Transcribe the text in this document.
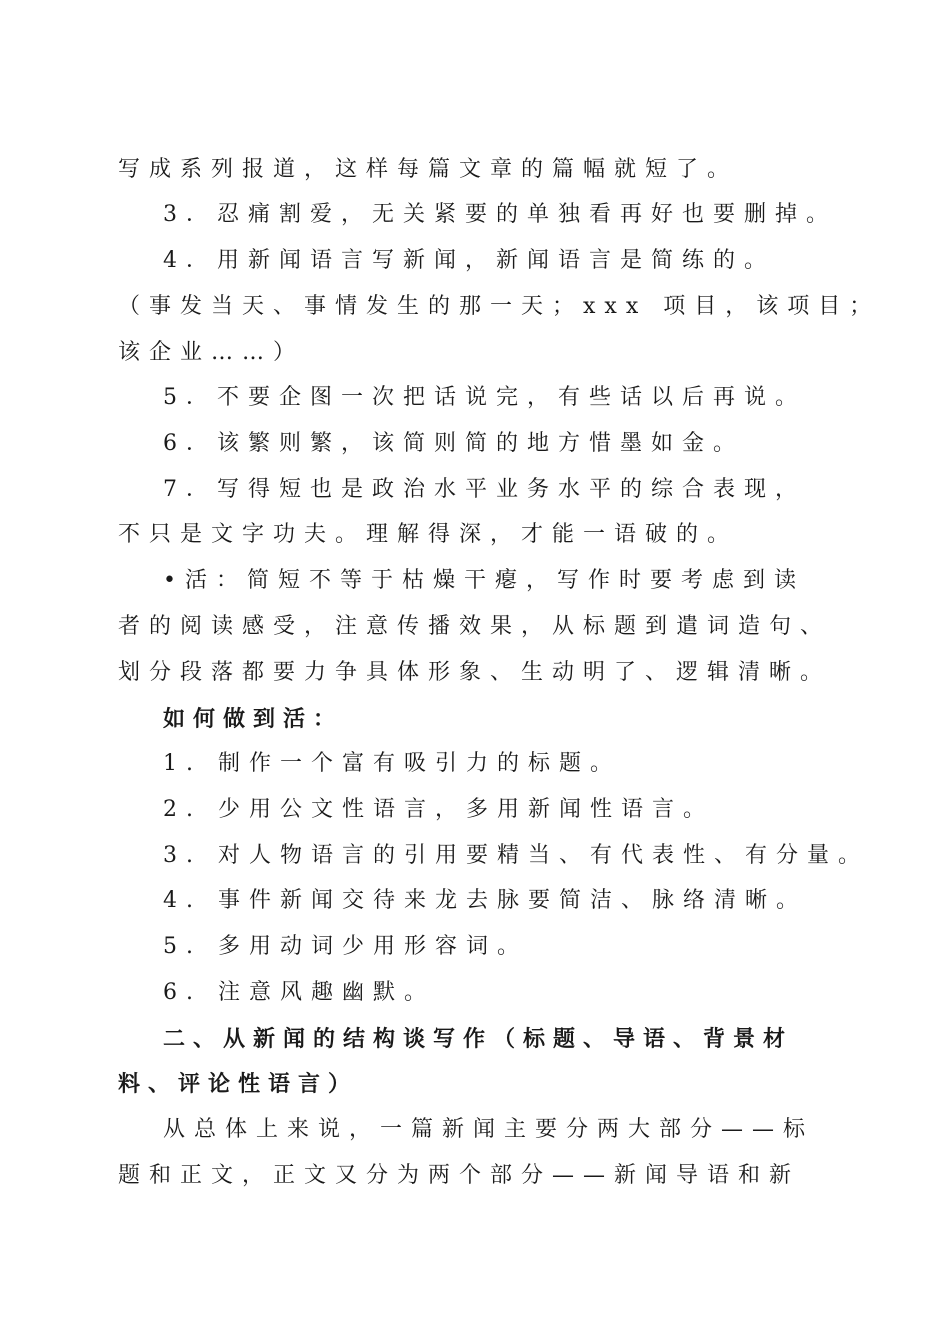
写成系列报道，这样每篇文章的篇幅就短了。
3．忍痛割爱，无关紧要的单独看再好也要删掉。
4．用新闻语言写新闻，新闻语言是简练的。
（事发当天、事情发生的那一天；xxx 项目，该项目；
该企业……）
5．不要企图一次把话说完，有些话以后再说。
6．该繁则繁，该简则简的地方惜墨如金。
7．写得短也是政治水平业务水平的综合表现，
不只是文字功夫。理解得深，才能一语破的。
•活：简短不等于枯燥干瘪，写作时要考虑到读
者的阅读感受，注意传播效果，从标题到遣词造句、
划分段落都要力争具体形象、生动明了、逻辑清晰。
如何做到活：
1. 制作一个富有吸引力的标题。
2. 少用公文性语言，多用新闻性语言。
3. 对人物语言的引用要精当、有代表性、有分量。
4. 事件新闻交待来龙去脉要简洁、脉络清晰。
5. 多用动词少用形容词。
6. 注意风趣幽默。
二、从新闻的结构谈写作（标题、导语、背景材
料、评论性语言）
从总体上来说，一篇新闻主要分两大部分——标
题和正文，正文又分为两个部分——新闻导语和新
